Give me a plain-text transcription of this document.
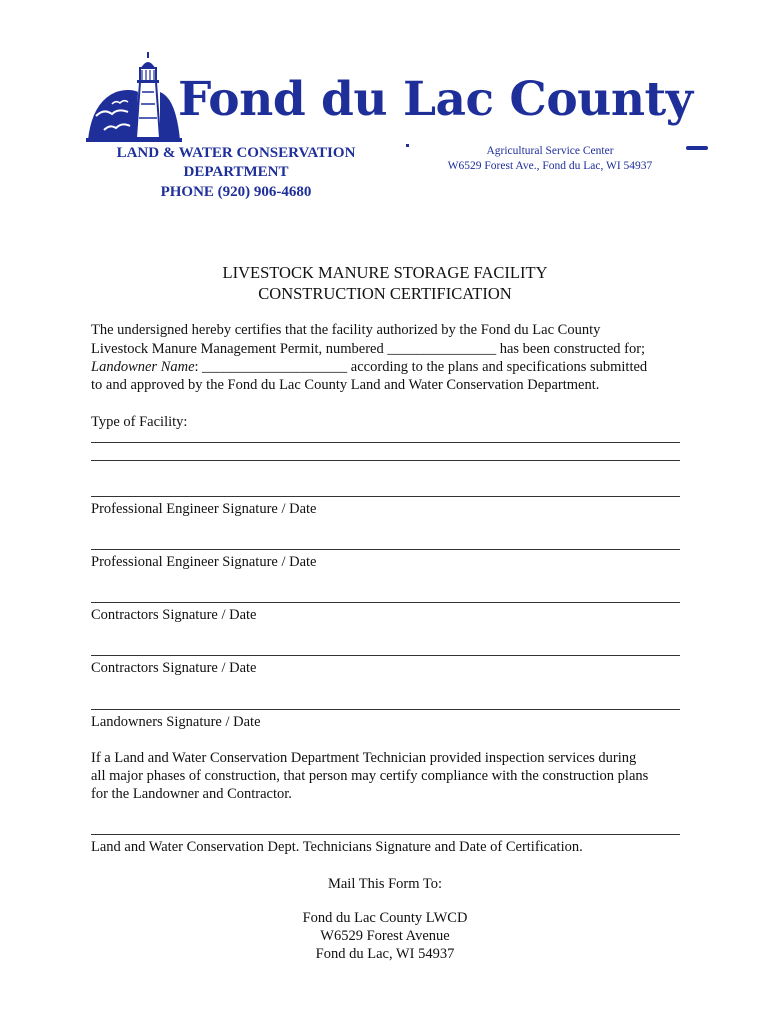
Fond du Lac County
LAND & WATER CONSERVATION
DEPARTMENT
PHONE (920) 906-4680
Agricultural Service Center
W6529 Forest Ave., Fond du Lac, WI 54937
LIVESTOCK MANURE STORAGE FACILITY
CONSTRUCTION CERTIFICATION
The undersigned hereby certifies that the facility authorized by the Fond du Lac County
Livestock Manure Management Permit, numbered _______________ has been constructed for;
Landowner Name: ____________________ according to the plans and specifications submitted
to and approved by the Fond du Lac County Land and Water Conservation Department.
Type of Facility:
Professional Engineer Signature / Date
Professional Engineer Signature / Date
Contractors Signature / Date
Contractors Signature / Date
Landowners Signature / Date
If a Land and Water Conservation Department Technician provided inspection services during
all major phases of construction, that person may certify compliance with the construction plans
for the Landowner and Contractor.
Land and Water Conservation Dept. Technicians Signature and Date of Certification.
Mail This Form To:
Fond du Lac County LWCD
W6529 Forest Avenue
Fond du Lac, WI 54937
